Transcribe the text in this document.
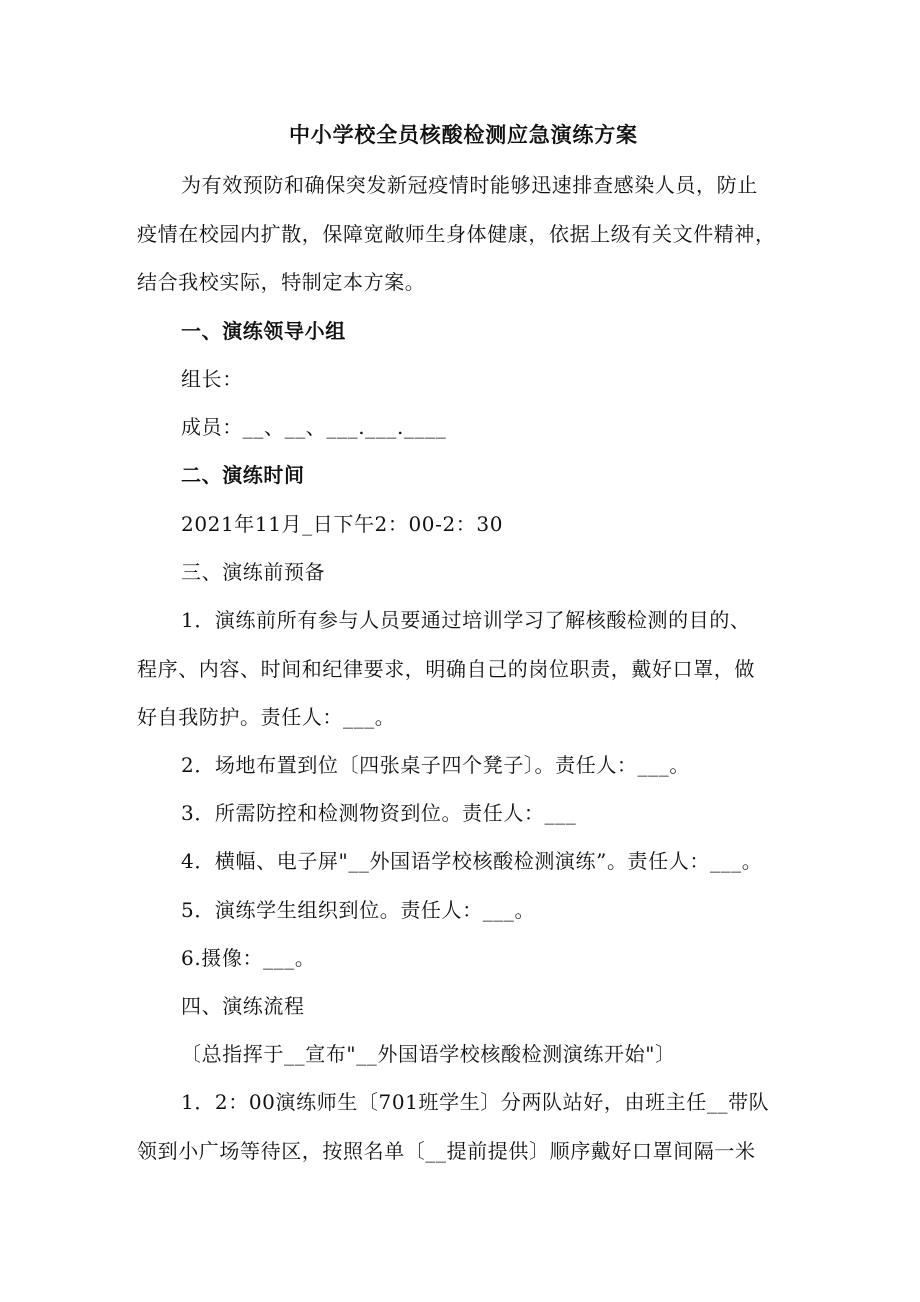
中小学校全员核酸检测应急演练方案
为有效预防和确保突发新冠疫情时能够迅速排查感染人员，防止
疫情在校园内扩散，保障宽敞师生身体健康，依据上级有关文件精神，
结合我校实际，特制定本方案。
一、演练领导小组
组长：
成员：__、__、___.___.____
二、演练时间
2021年11月_日下午2：00-2：30
三、演练前预备
1．演练前所有参与人员要通过培训学习了解核酸检测的目的、
程序、内容、时间和纪律要求，明确自己的岗位职责，戴好口罩，做
好自我防护。责任人：___。
2．场地布置到位〔四张桌子四个凳子〕。责任人：___。
3．所需防控和检测物资到位。责任人：___
4．横幅、电子屏"__外国语学校核酸检测演练”。责任人：___。
5．演练学生组织到位。责任人：___。
6.摄像：___。
四、演练流程
〔总指挥于__宣布"__外国语学校核酸检测演练开始"〕
1．2：00演练师生〔701班学生〕分两队站好，由班主任__带队
领到小广场等待区，按照名单〔__提前提供〕顺序戴好口罩间隔一米
